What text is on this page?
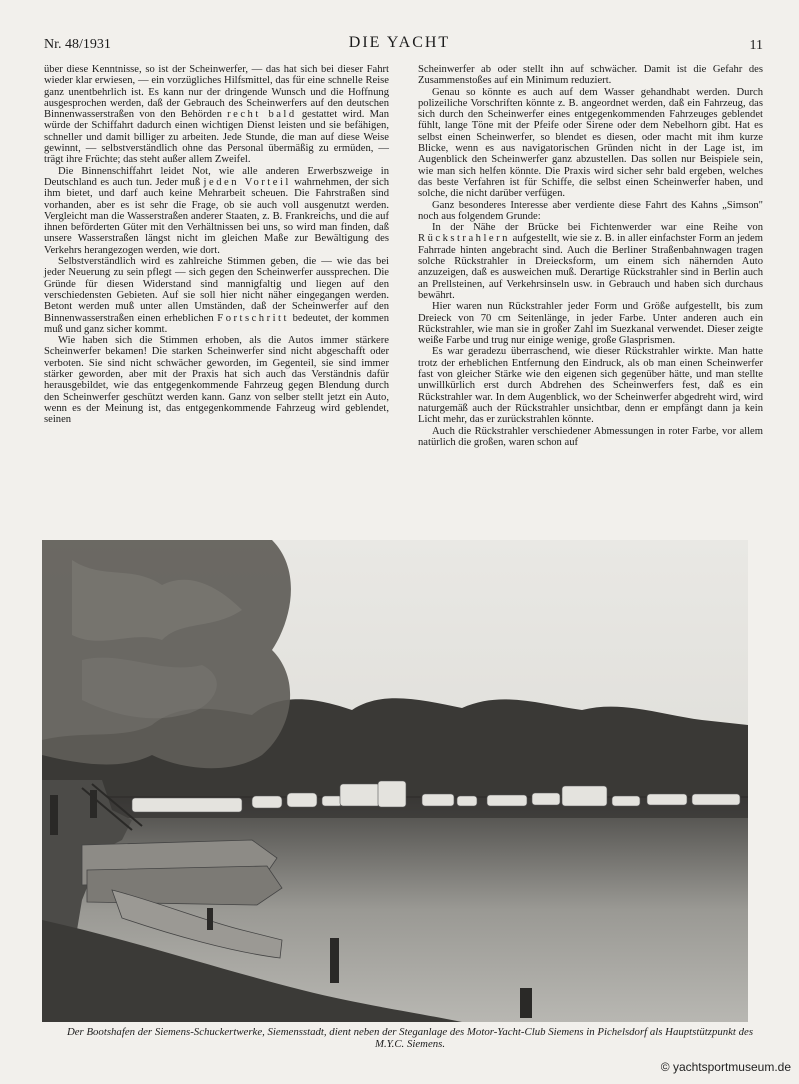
Nr. 48/1931	DIE YACHT	11

über diese Kenntnisse, so ist der Scheinwerfer, — das hat sich bei dieser Fahrt wieder klar erwiesen, — ein vorzügliches Hilfsmittel, das für eine schnelle Reise ganz unentbehrlich ist. Es kann nur der dringende Wunsch und die Hoffnung ausgesprochen werden, daß der Gebrauch des Scheinwerfers auf den deutschen Binnenwasserstraßen von den Behörden recht bald gestattet wird. Man würde der Schiffahrt dadurch einen wichtigen Dienst leisten und sie befähigen, schneller und damit billiger zu arbeiten. Jede Stunde, die man auf diese Weise gewinnt, — selbstverständlich ohne das Personal übermäßig zu ermüden, — trägt ihre Früchte; das steht außer allem Zweifel.

Die Binnenschiffahrt leidet Not, wie alle anderen Erwerbszweige in Deutschland es auch tun. Jeder muß jeden Vorteil wahrnehmen, der sich ihm bietet, und darf auch keine Mehrarbeit scheuen. Die Fahrstraßen sind vorhanden, aber es ist sehr die Frage, ob sie auch voll ausgenutzt werden. Vergleicht man die Wasserstraßen anderer Staaten, z. B. Frankreichs, und die auf ihnen beförderten Güter mit den Verhältnissen bei uns, so wird man finden, daß unsere Wasserstraßen längst nicht im gleichen Maße zur Bewältigung des Verkehrs herangezogen werden, wie dort.

Selbstverständlich wird es zahlreiche Stimmen geben, die — wie das bei jeder Neuerung zu sein pflegt — sich gegen den Scheinwerfer aussprechen. Die Gründe für diesen Widerstand sind mannigfaltig und liegen auf den verschiedensten Gebieten. Auf sie soll hier nicht näher eingegangen werden. Betont werden muß unter allen Umständen, daß der Scheinwerfer auf den Binnenwasserstraßen einen erheblichen Fortschritt bedeutet, der kommen muß und ganz sicher kommt.

Wie haben sich die Stimmen erhoben, als die Autos immer stärkere Scheinwerfer bekamen! Die starken Scheinwerfer sind nicht abgeschafft oder verboten. Sie sind nicht schwächer geworden, im Gegenteil, sie sind immer stärker geworden, aber mit der Praxis hat sich auch das Verständnis dafür herausgebildet, wie das entgegenkommende Fahrzeug gegen Blendung durch den Scheinwerfer geschützt werden kann. Ganz von selber stellt jetzt ein Auto, wenn es der Meinung ist, das entgegenkommende Fahrzeug wird geblendet, seinen

Scheinwerfer ab oder stellt ihn auf schwächer. Damit ist die Gefahr des Zusammenstoßes auf ein Minimum reduziert.

Genau so könnte es auch auf dem Wasser gehandhabt werden. Durch polizeiliche Vorschriften könnte z. B. angeordnet werden, daß ein Fahrzeug, das sich durch den Scheinwerfer eines entgegenkommenden Fahrzeuges geblendet fühlt, lange Töne mit der Pfeife oder Sirene oder dem Nebelhorn gibt. Hat es selbst einen Scheinwerfer, so blendet es diesen, oder macht mit ihm kurze Blicke, wenn es aus navigatorischen Gründen nicht in der Lage ist, im Augenblick den Scheinwerfer ganz abzustellen. Das sollen nur Beispiele sein, wie man sich helfen könnte. Die Praxis wird sicher sehr bald ergeben, welches das beste Verfahren ist für Schiffe, die selbst einen Scheinwerfer haben, und solche, die nicht darüber verfügen.

Ganz besonderes Interesse aber verdiente diese Fahrt des Kahns „Simson" noch aus folgendem Grunde:

In der Nähe der Brücke bei Fichtenwerder war eine Reihe von Rückstrahlern aufgestellt, wie sie z. B. in aller einfachster Form an jedem Fahrrade hinten angebracht sind. Auch die Berliner Straßenbahnwagen tragen solche Rückstrahler in Dreiecksform, um einem sich nähernden Auto anzuzeigen, daß es ausweichen muß. Derartige Rückstrahler sind in Berlin auch an Prellsteinen, auf Verkehrsinseln usw. in Gebrauch und haben sich durchaus bewährt.

Hier waren nun Rückstrahler jeder Form und Größe aufgestellt, bis zum Dreieck von 70 cm Seitenlänge, in jeder Farbe. Unter anderen auch ein Rückstrahler, wie man sie in großer Zahl im Suezkanal verwendet. Dieser zeigte weiße Farbe und trug nur einige wenige, große Glasprismen.

Es war geradezu überraschend, wie dieser Rückstrahler wirkte. Man hatte trotz der erheblichen Entfernung den Eindruck, als ob man einen Scheinwerfer fast von gleicher Stärke wie den eigenen sich gegenüber hätte, und man stellte unwillkürlich erst durch Abdrehen des Scheinwerfers fest, daß es ein Rückstrahler war. In dem Augenblick, wo der Scheinwerfer abgedreht wird, wird naturgemäß auch der Rückstrahler unsichtbar, denn er empfängt dann ja kein Licht mehr, das er zurückstrahlen könnte.

Auch die Rückstrahler verschiedener Abmessungen in roter Farbe, vor allem natürlich die großen, waren schon auf

Der Bootshafen der Siemens-Schuckertwerke, Siemensstadt, dient neben der Steganlage des Motor-Yacht-Club Siemens in Pichelsdorf als Hauptstützpunkt des M.Y.C. Siemens.
© yachtsportmuseum.de
